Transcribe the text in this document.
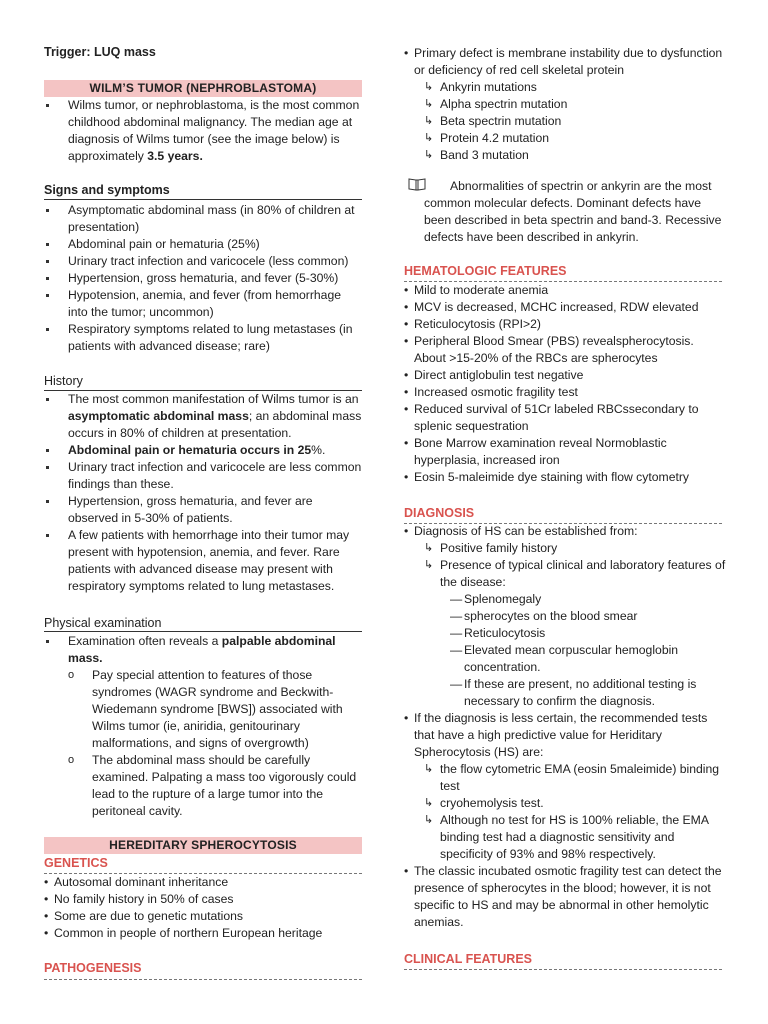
Trigger: LUQ mass
WILM’S TUMOR (NEPHROBLASTOMA)
Wilms tumor, or nephroblastoma, is the most common childhood abdominal malignancy. The median age at diagnosis of Wilms tumor (see the image below) is approximately 3.5 years.
Signs and symptoms
Asymptomatic abdominal mass (in 80% of children at presentation)
Abdominal pain or hematuria (25%)
Urinary tract infection and varicocele (less common)
Hypertension, gross hematuria, and fever (5-30%)
Hypotension, anemia, and fever (from hemorrhage into the tumor; uncommon)
Respiratory symptoms related to lung metastases (in patients with advanced disease; rare)
History
The most common manifestation of Wilms tumor is an asymptomatic abdominal mass; an abdominal mass occurs in 80% of children at presentation.
Abdominal pain or hematuria occurs in 25%.
Urinary tract infection and varicocele are less common findings than these.
Hypertension, gross hematuria, and fever are observed in 5-30% of patients.
A few patients with hemorrhage into their tumor may present with hypotension, anemia, and fever. Rare patients with advanced disease may present with respiratory symptoms related to lung metastases.
Physical examination
Examination often reveals a palpable abdominal mass.
o Pay special attention to features of those syndromes (WAGR syndrome and Beckwith-Wiedemann syndrome [BWS]) associated with Wilms tumor (ie, aniridia, genitourinary malformations, and signs of overgrowth)
o The abdominal mass should be carefully examined. Palpating a mass too vigorously could lead to the rupture of a large tumor into the peritoneal cavity.
HEREDITARY SPHEROCYTOSIS
GENETICS
• Autosomal dominant inheritance
• No family history in 50% of cases
• Some are due to genetic mutations
• Common in people of northern European heritage
PATHOGENESIS
• Primary defect is membrane instability due to dysfunction or deficiency of red cell skeletal protein
↳ Ankyrin mutations
↳ Alpha spectrin mutation
↳ Beta spectrin mutation
↳ Protein 4.2 mutation
↳ Band 3 mutation
Abnormalities of spectrin or ankyrin are the most common molecular defects. Dominant defects have been described in beta spectrin and band-3. Recessive defects have been described in ankyrin.
HEMATOLOGIC FEATURES
• Mild to moderate anemia
• MCV is decreased, MCHC increased, RDW elevated
• Reticulocytosis (RPI>2)
• Peripheral Blood Smear (PBS) revealspherocytosis. About >15-20% of the RBCs are spherocytes
• Direct antiglobulin test negative
• Increased osmotic fragility test
• Reduced survival of 51Cr labeled RBCssecondary to splenic sequestration
• Bone Marrow examination reveal Normoblastic hyperplasia, increased iron
• Eosin 5-maleimide dye staining with flow cytometry
DIAGNOSIS
• Diagnosis of HS can be established from:
↳ Positive family history
↳ Presence of typical clinical and laboratory features of the disease:
— Splenomegaly
— spherocytes on the blood smear
— Reticulocytosis
— Elevated mean corpuscular hemoglobin concentration.
— If these are present, no additional testing is necessary to confirm the diagnosis.
• If the diagnosis is less certain, the recommended tests that have a high predictive value for Heriditary Spherocytosis (HS) are:
↳ the flow cytometric EMA (eosin 5maleimide) binding test
↳ cryohemolysis test.
↳ Although no test for HS is 100% reliable, the EMA binding test had a diagnostic sensitivity and specificity of 93% and 98% respectively.
• The classic incubated osmotic fragility test can detect the presence of spherocytes in the blood; however, it is not specific to HS and may be abnormal in other hemolytic anemias.
CLINICAL FEATURES
